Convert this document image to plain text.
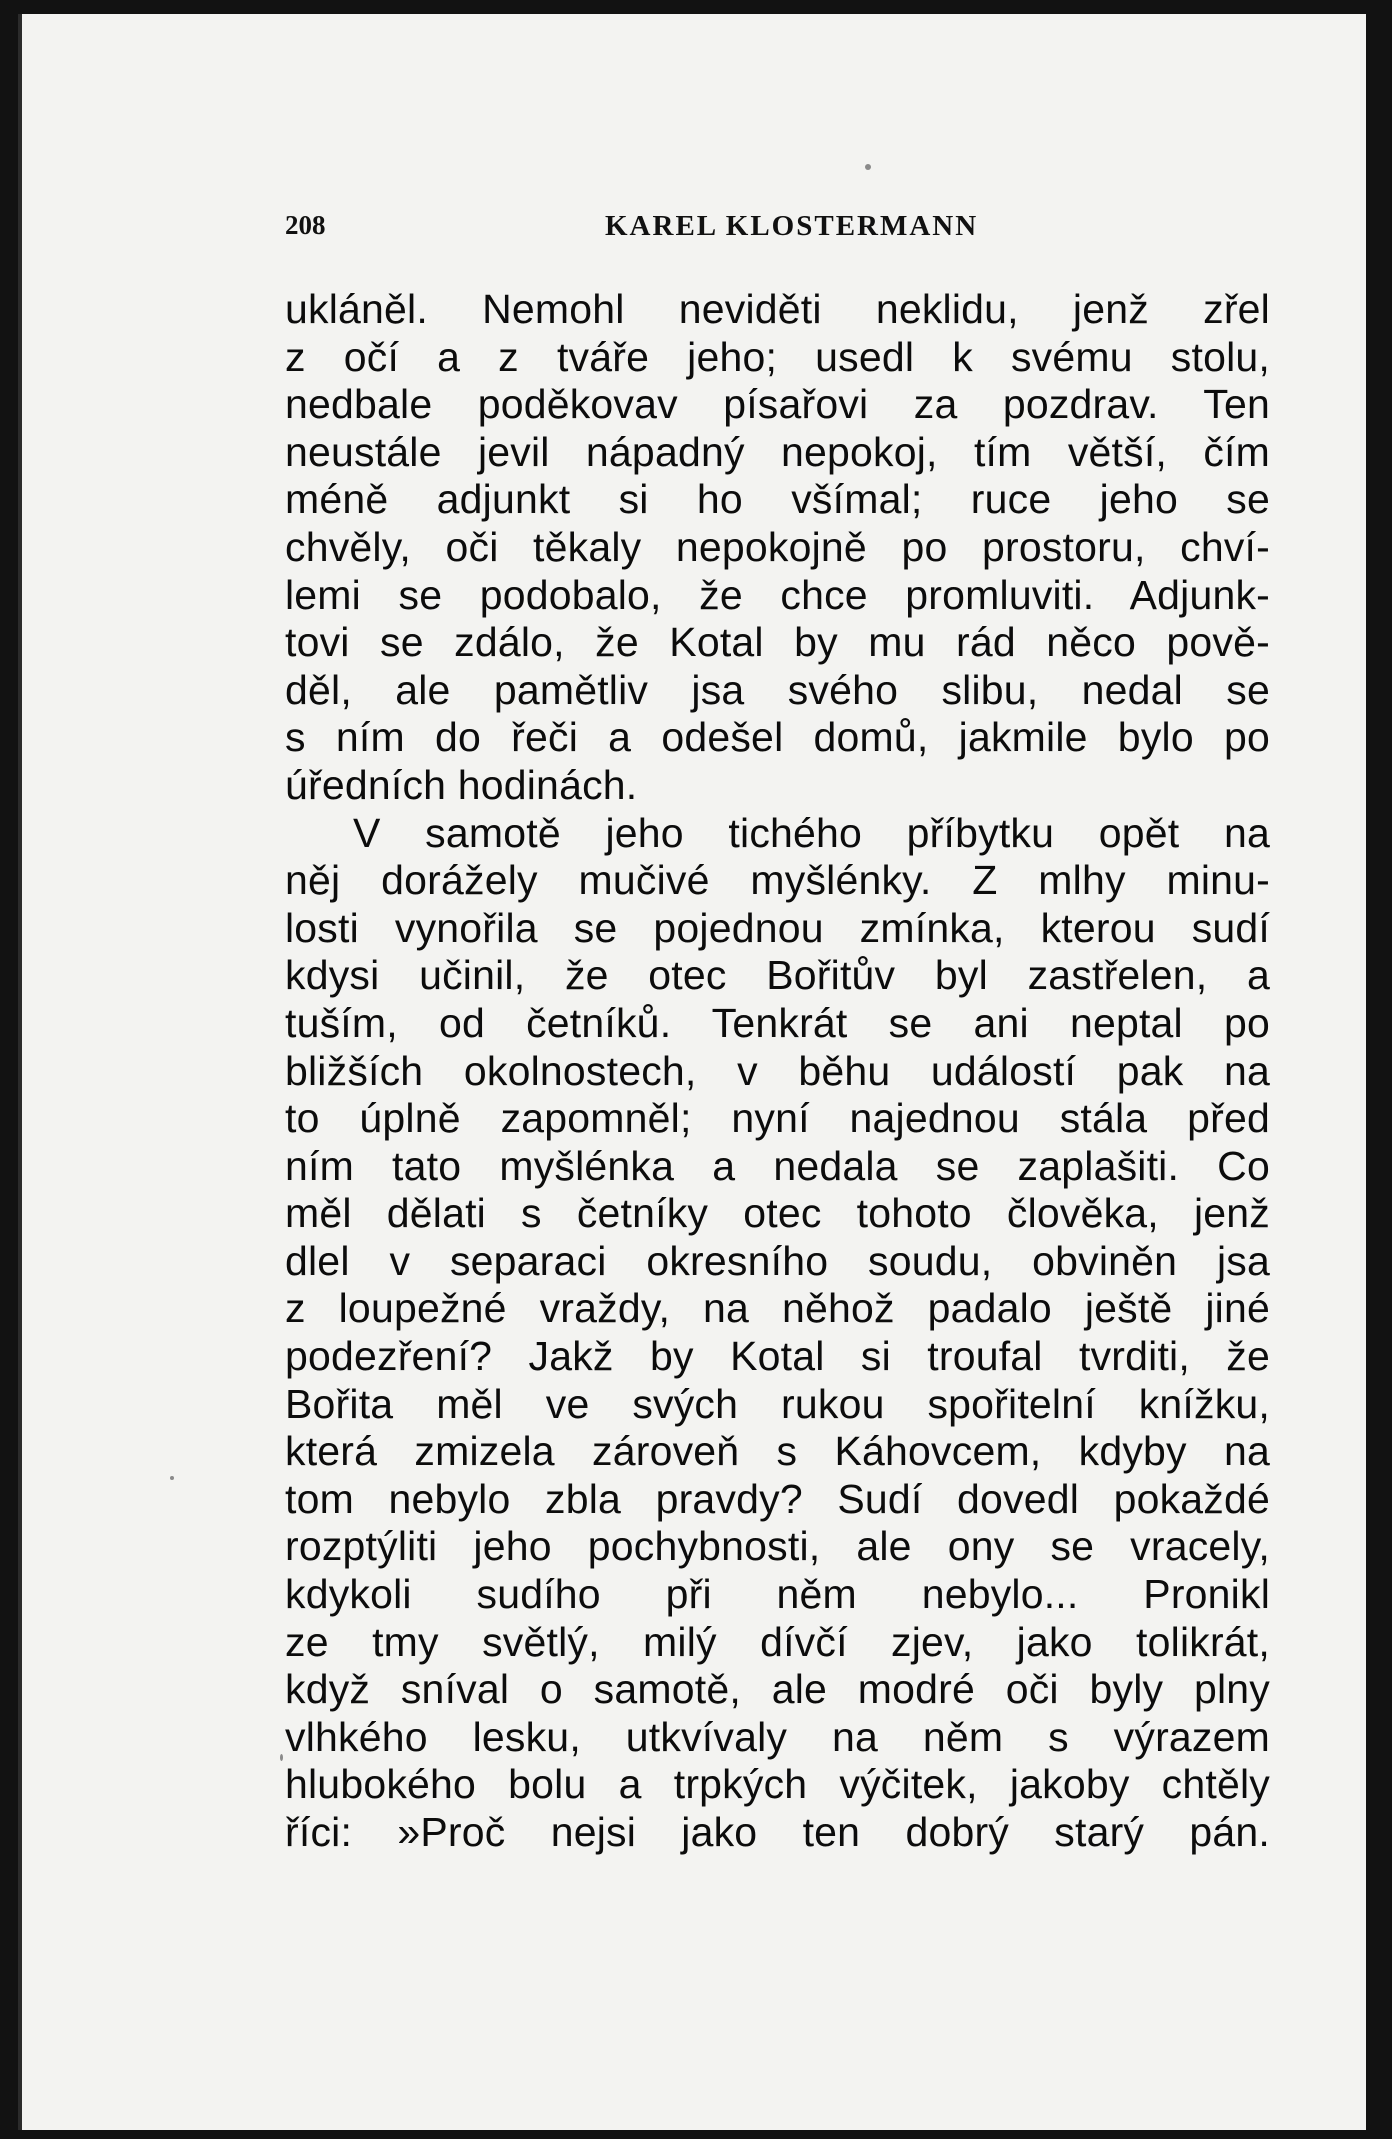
208	KAREL KLOSTERMANN
ukláněl. Nemohl neviděti neklidu, jenž zřel
z očí a z tváře jeho; usedl k svému stolu,
nedbale poděkovav písařovi za pozdrav. Ten
neustále jevil nápadný nepokoj, tím větší, čím
méně adjunkt si ho všímal; ruce jeho se
chvěly, oči těkaly nepokojně po prostoru, chví-
lemi se podobalo, že chce promluviti. Adjunk-
tovi se zdálo, že Kotal by mu rád něco pově-
děl, ale pamětliv jsa svého slibu, nedal se
s ním do řeči a odešel domů, jakmile bylo po
úředních hodinách.
V samotě jeho tichého příbytku opět na
něj dorážely mučivé myšlénky. Z mlhy minu-
losti vynořila se pojednou zmínka, kterou sudí
kdysi učinil, že otec Bořitův byl zastřelen, a
tuším, od četníků. Tenkrát se ani neptal po
bližších okolnostech, v běhu událostí pak na
to úplně zapomněl; nyní najednou stála před
ním tato myšlénka a nedala se zaplašiti. Co
měl dělati s četníky otec tohoto člověka, jenž
dlel v separaci okresního soudu, obviněn jsa
z loupežné vraždy, na něhož padalo ještě jiné
podezření? Jakž by Kotal si troufal tvrditi, že
Bořita měl ve svých rukou spořitelní knížku,
která zmizela zároveň s Káhovcem, kdyby na
tom nebylo zbla pravdy? Sudí dovedl pokaždé
rozptýliti jeho pochybnosti, ale ony se vracely,
kdykoli sudího při něm nebylo... Pronikl
ze tmy světlý, milý dívčí zjev, jako tolikrát,
když sníval o samotě, ale modré oči byly plny
vlhkého lesku, utkvívaly na něm s výrazem
hlubokého bolu a trpkých výčitek, jakoby chtěly
říci: »Proč nejsi jako ten dobrý starý pán.
